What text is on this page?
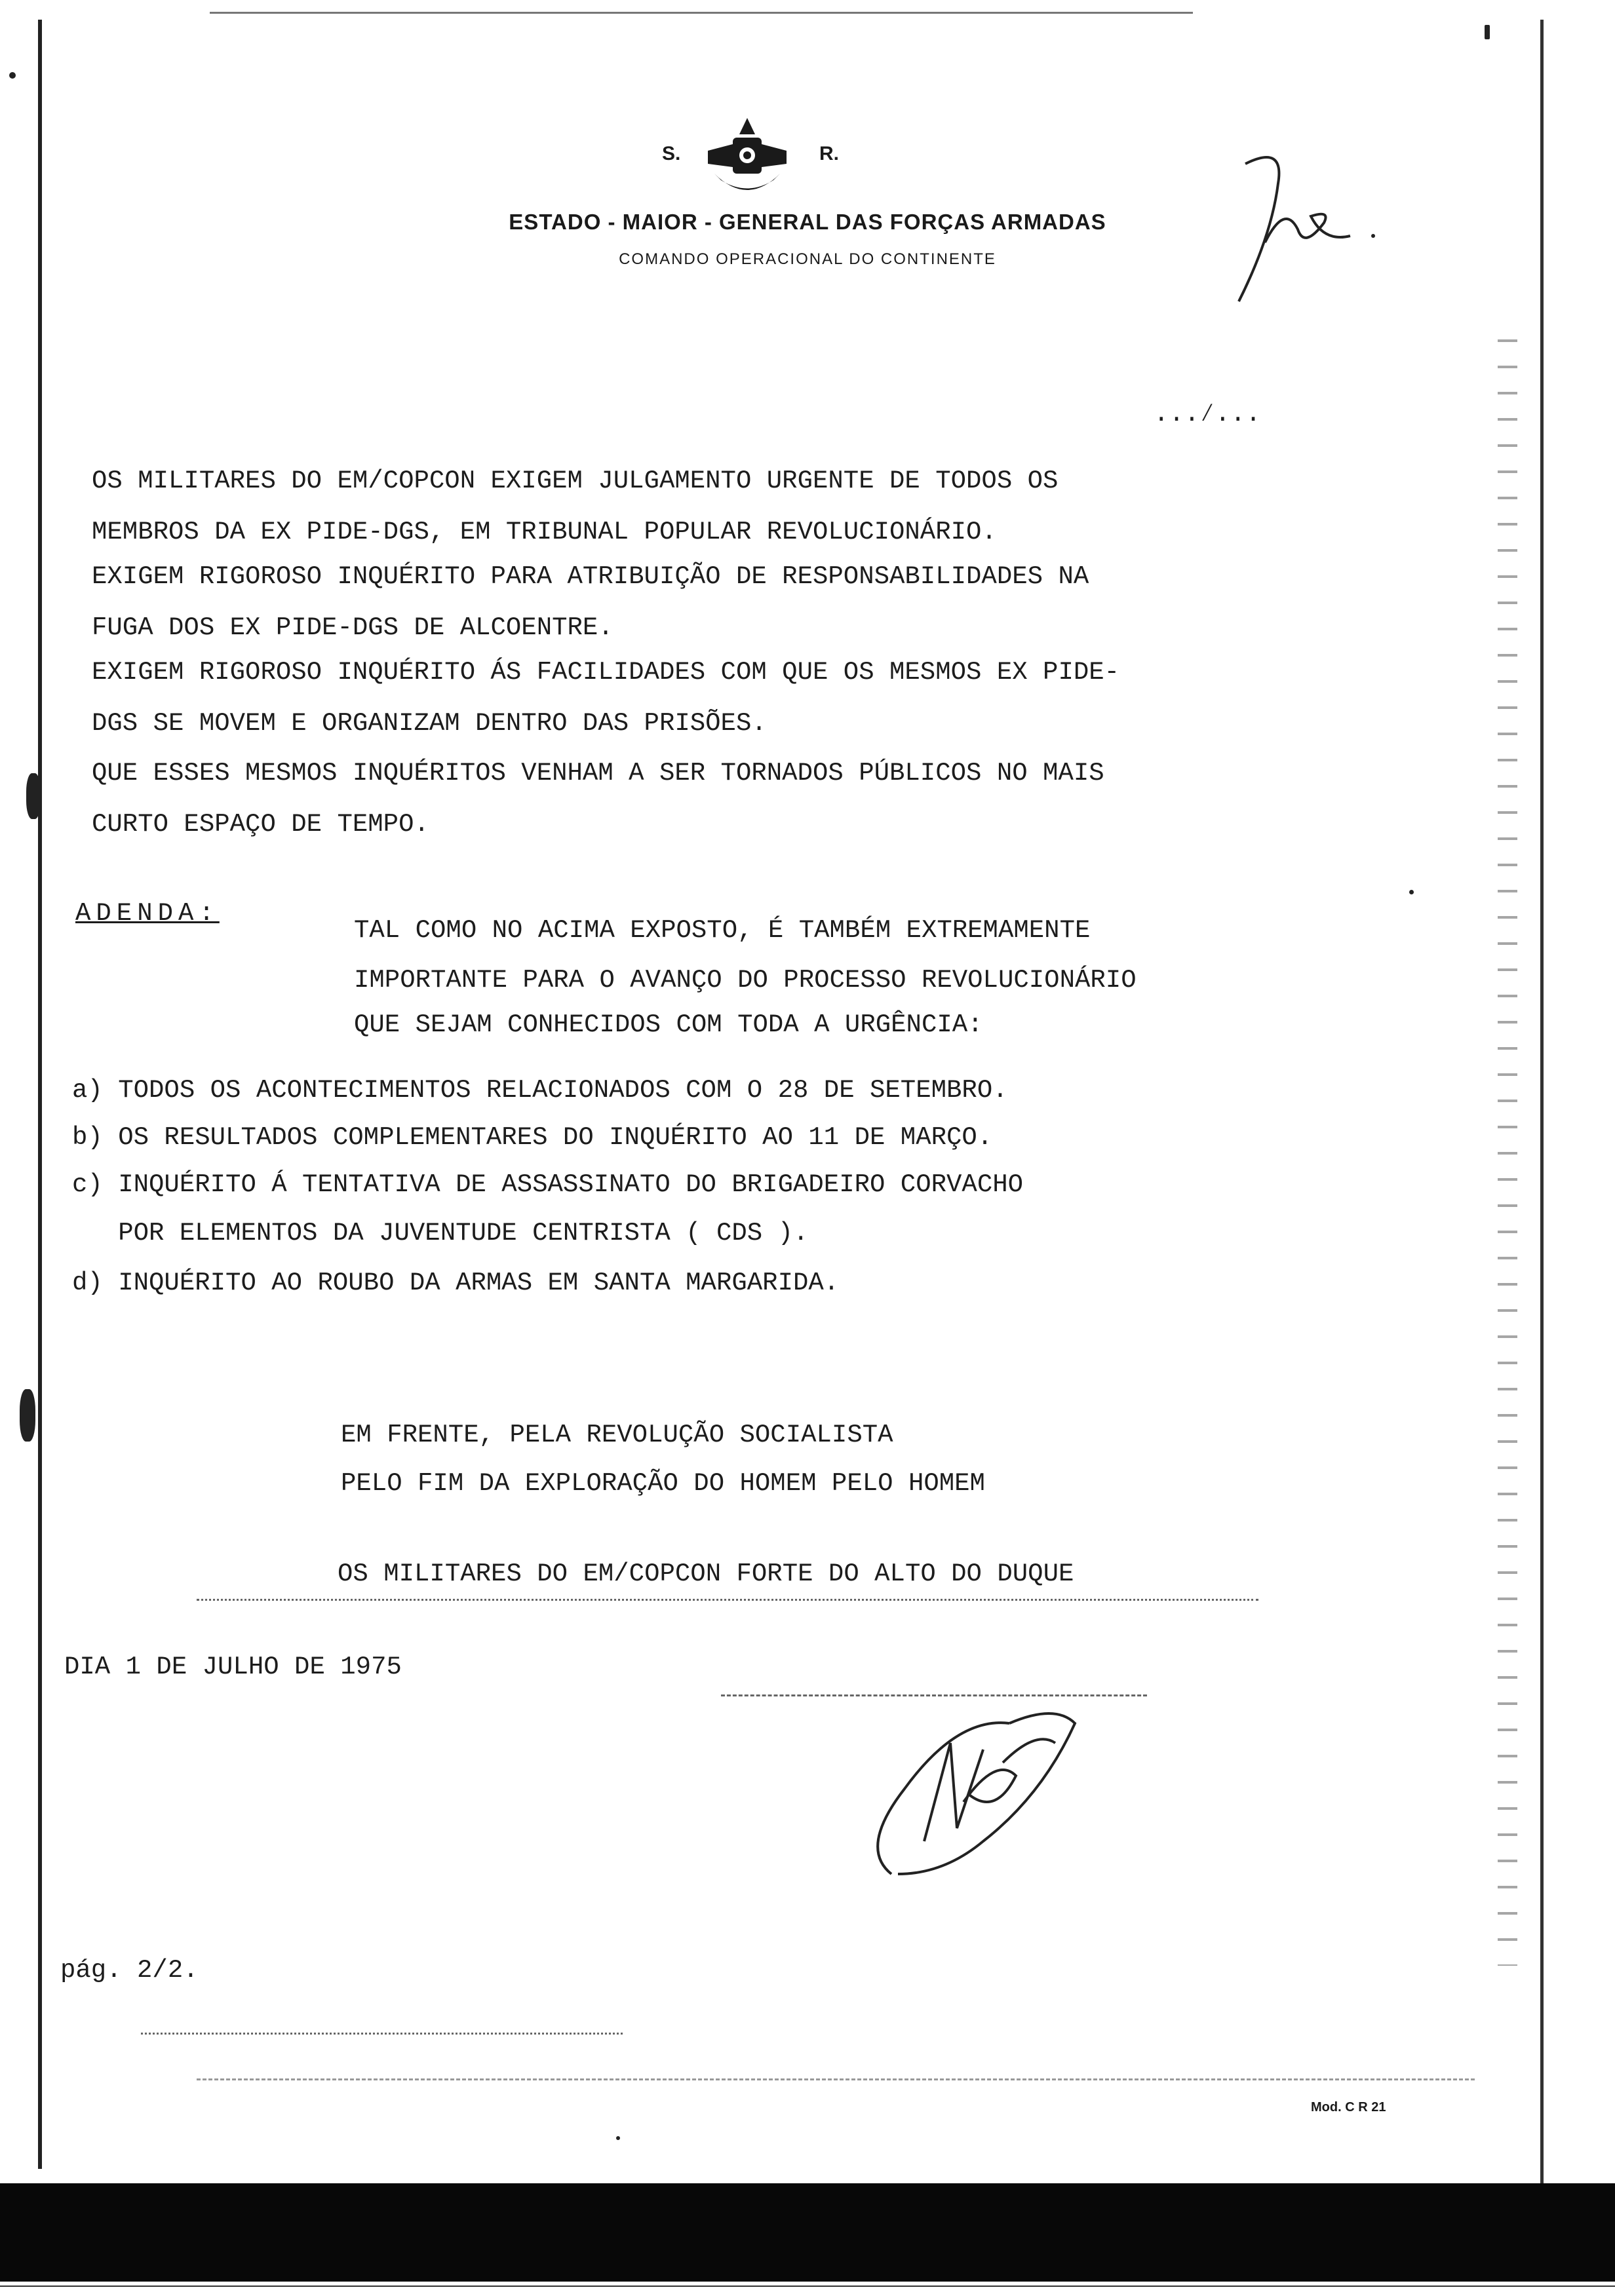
S.	R.
ESTADO - MAIOR - GENERAL DAS FORÇAS ARMADAS
COMANDO OPERACIONAL DO CONTINENTE
...∕...
OS MILITARES DO EM/COPCON EXIGEM JULGAMENTO URGENTE DE TODOS OS
MEMBROS DA EX PIDE-DGS, EM TRIBUNAL POPULAR REVOLUCIONÁRIO.
EXIGEM RIGOROSO INQUÉRITO PARA ATRIBUIÇÃO DE RESPONSABILIDADES NA
FUGA DOS EX PIDE-DGS DE ALCOENTRE.
EXIGEM RIGOROSO INQUÉRITO ÁS FACILIDADES COM QUE OS MESMOS EX PIDE-
DGS SE MOVEM E ORGANIZAM DENTRO DAS PRISÕES.
QUE ESSES MESMOS INQUÉRITOS VENHAM A SER TORNADOS PÚBLICOS NO MAIS
CURTO ESPAÇO DE TEMPO.
ADENDA:
TAL COMO NO ACIMA EXPOSTO, É TAMBÉM EXTREMAMENTE
IMPORTANTE PARA O AVANÇO DO PROCESSO REVOLUCIONÁRIO
QUE SEJAM CONHECIDOS COM TODA A URGÊNCIA:
a) TODOS OS ACONTECIMENTOS RELACIONADOS COM O 28 DE SETEMBRO.
b) OS RESULTADOS COMPLEMENTARES DO INQUÉRITO AO 11 DE MARÇO.
c) INQUÉRITO Á TENTATIVA DE ASSASSINATO DO BRIGADEIRO CORVACHO
POR ELEMENTOS DA JUVENTUDE CENTRISTA ( CDS ).
d) INQUÉRITO AO ROUBO DA ARMAS EM SANTA MARGARIDA.
EM FRENTE, PELA REVOLUÇÃO SOCIALISTA
PELO FIM DA EXPLORAÇÃO DO HOMEM PELO HOMEM
OS MILITARES DO EM/COPCON FORTE DO ALTO DO DUQUE
DIA 1 DE JULHO DE 1975
pág. 2/2.
Mod. C R 21
